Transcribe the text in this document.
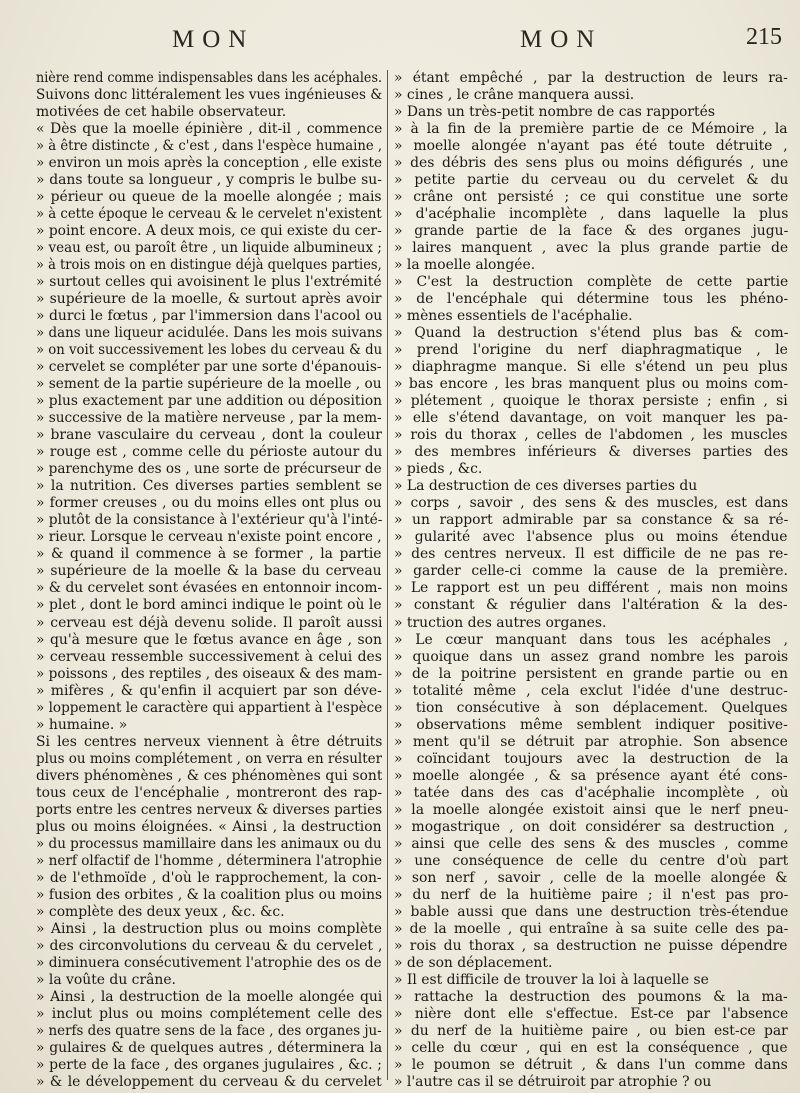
MON	MON	215
nière rend comme indispensables dans les acéphales.
Suivons donc littéralement les vues ingénieuses &
motivées de cet habile observateur.
« Dès que la moelle épinière , dit-il , commence
» à être distincte , & c'est , dans l'espèce humaine ,
» environ un mois après la conception , elle existe
» dans toute sa longueur , y compris le bulbe su-
» périeur ou queue de la moelle alongée ; mais
» à cette époque le cerveau & le cervelet n'existent
» point encore. A deux mois, ce qui existe du cer-
» veau est, ou paroît être , un liquide albumineux ;
» à trois mois on en distingue déjà quelques parties,
» surtout celles qui avoisinent le plus l'extrémité
» supérieure de la moelle, & surtout après avoir
» durci le fœtus , par l'immersion dans l'acool ou
» dans une liqueur acidulée. Dans les mois suivans
» on voit successivement les lobes du cerveau & du
» cervelet se compléter par une sorte d'épanouis-
» sement de la partie supérieure de la moelle , ou
» plus exactement par une addition ou déposition
» successive de la matière nerveuse , par la mem-
» brane vasculaire du cerveau , dont la couleur
» rouge est , comme celle du périoste autour du
» parenchyme des os , une sorte de précurseur de
» la nutrition. Ces diverses parties semblent se
» former creuses , ou du moins elles ont plus ou
» plutôt de la consistance à l'extérieur qu'à l'inté-
» rieur. Lorsque le cerveau n'existe point encore ,
» & quand il commence à se former , la partie
» supérieure de la moelle & la base du cerveau
» & du cervelet sont évasées en entonnoir incom-
» plet , dont le bord aminci indique le point où le
» cerveau est déjà devenu solide. Il paroît aussi
» qu'à mesure que le fœtus avance en âge , son
» cerveau ressemble successivement à celui des
» poissons , des reptiles , des oiseaux & des mam-
» mifères , & qu'enfin il acquiert par son déve-
» loppement le caractère qui appartient à l'espèce
» humaine. »
Si les centres nerveux viennent à être détruits
plus ou moins complétement , on verra en résulter
divers phénomènes , & ces phénomènes qui sont
tous ceux de l'encéphalie , montreront des rap-
ports entre les centres nerveux & diverses parties
plus ou moins éloignées. « Ainsi , la destruction
» du processus mamillaire dans les animaux ou du
» nerf olfactif de l'homme , déterminera l'atrophie
» de l'ethmoïde , d'où le rapprochement, la con-
» fusion des orbites , & la coalition plus ou moins
» complète des deux yeux , &c. &c.
» Ainsi , la destruction plus ou moins complète
» des circonvolutions du cerveau & du cervelet ,
» diminuera consécutivement l'atrophie des os de
» la voûte du crâne.
» Ainsi , la destruction de la moelle alongée qui
» inclut plus ou moins complétement celle des
» nerfs des quatre sens de la face , des organes ju-
» gulaires & de quelques autres , déterminera la
» perte de la face , des organes jugulaires , &c. ;
» & le développement du cerveau & du cervelet
» étant empêché , par la destruction de leurs ra-
» cines , le crâne manquera aussi.
» Dans un très-petit nombre de cas rapportés
» à la fin de la première partie de ce Mémoire , la
» moelle alongée n'ayant pas été toute détruite ,
» des débris des sens plus ou moins défigurés , une
» petite partie du cerveau ou du cervelet & du
» crâne ont persisté ; ce qui constitue une sorte
» d'acéphalie incomplète , dans laquelle la plus
» grande partie de la face & des organes jugu-
» laires manquent , avec la plus grande partie de
» la moelle alongée.
» C'est la destruction complète de cette partie
» de l'encéphale qui détermine tous les phéno-
» mènes essentiels de l'acéphalie.
» Quand la destruction s'étend plus bas & com-
» prend l'origine du nerf diaphragmatique , le
» diaphragme manque. Si elle s'étend un peu plus
» bas encore , les bras manquent plus ou moins com-
» plétement , quoique le thorax persiste ; enfin , si
» elle s'étend davantage, on voit manquer les pa-
» rois du thorax , celles de l'abdomen , les muscles
» des membres inférieurs & diverses parties des
» pieds , &c.
» La destruction de ces diverses parties du
» corps , savoir , des sens & des muscles, est dans
» un rapport admirable par sa constance & sa ré-
» gularité avec l'absence plus ou moins étendue
» des centres nerveux. Il est difficile de ne pas re-
» garder celle-ci comme la cause de la première.
» Le rapport est un peu différent , mais non moins
» constant & régulier dans l'altération & la des-
» truction des autres organes.
» Le cœur manquant dans tous les acéphales ,
» quoique dans un assez grand nombre les parois
» de la poitrine persistent en grande partie ou en
» totalité même , cela exclut l'idée d'une destruc-
» tion consécutive à son déplacement. Quelques
» observations même semblent indiquer positive-
» ment qu'il se détruit par atrophie. Son absence
» coïncidant toujours avec la destruction de la
» moelle alongée , & sa présence ayant été cons-
» tatée dans des cas d'acéphalie incomplète , où
» la moelle alongée existoit ainsi que le nerf pneu-
» mogastrique , on doit considérer sa destruction ,
» ainsi que celle des sens & des muscles , comme
» une conséquence de celle du centre d'où part
» son nerf , savoir , celle de la moelle alongée &
» du nerf de la huitième paire ; il n'est pas pro-
» bable aussi que dans une destruction très-étendue
» de la moelle , qui entraîne à sa suite celle des pa-
» rois du thorax , sa destruction ne puisse dépendre
» de son déplacement.
» Il est difficile de trouver la loi à laquelle se
» rattache la destruction des poumons & la ma-
» nière dont elle s'effectue. Est-ce par l'absence
» du nerf de la huitième paire , ou bien est-ce par
» celle du cœur , qui en est la conséquence , que
» le poumon se détruit , & dans l'un comme dans
» l'autre cas il se détruiroit par atrophie ? ou
